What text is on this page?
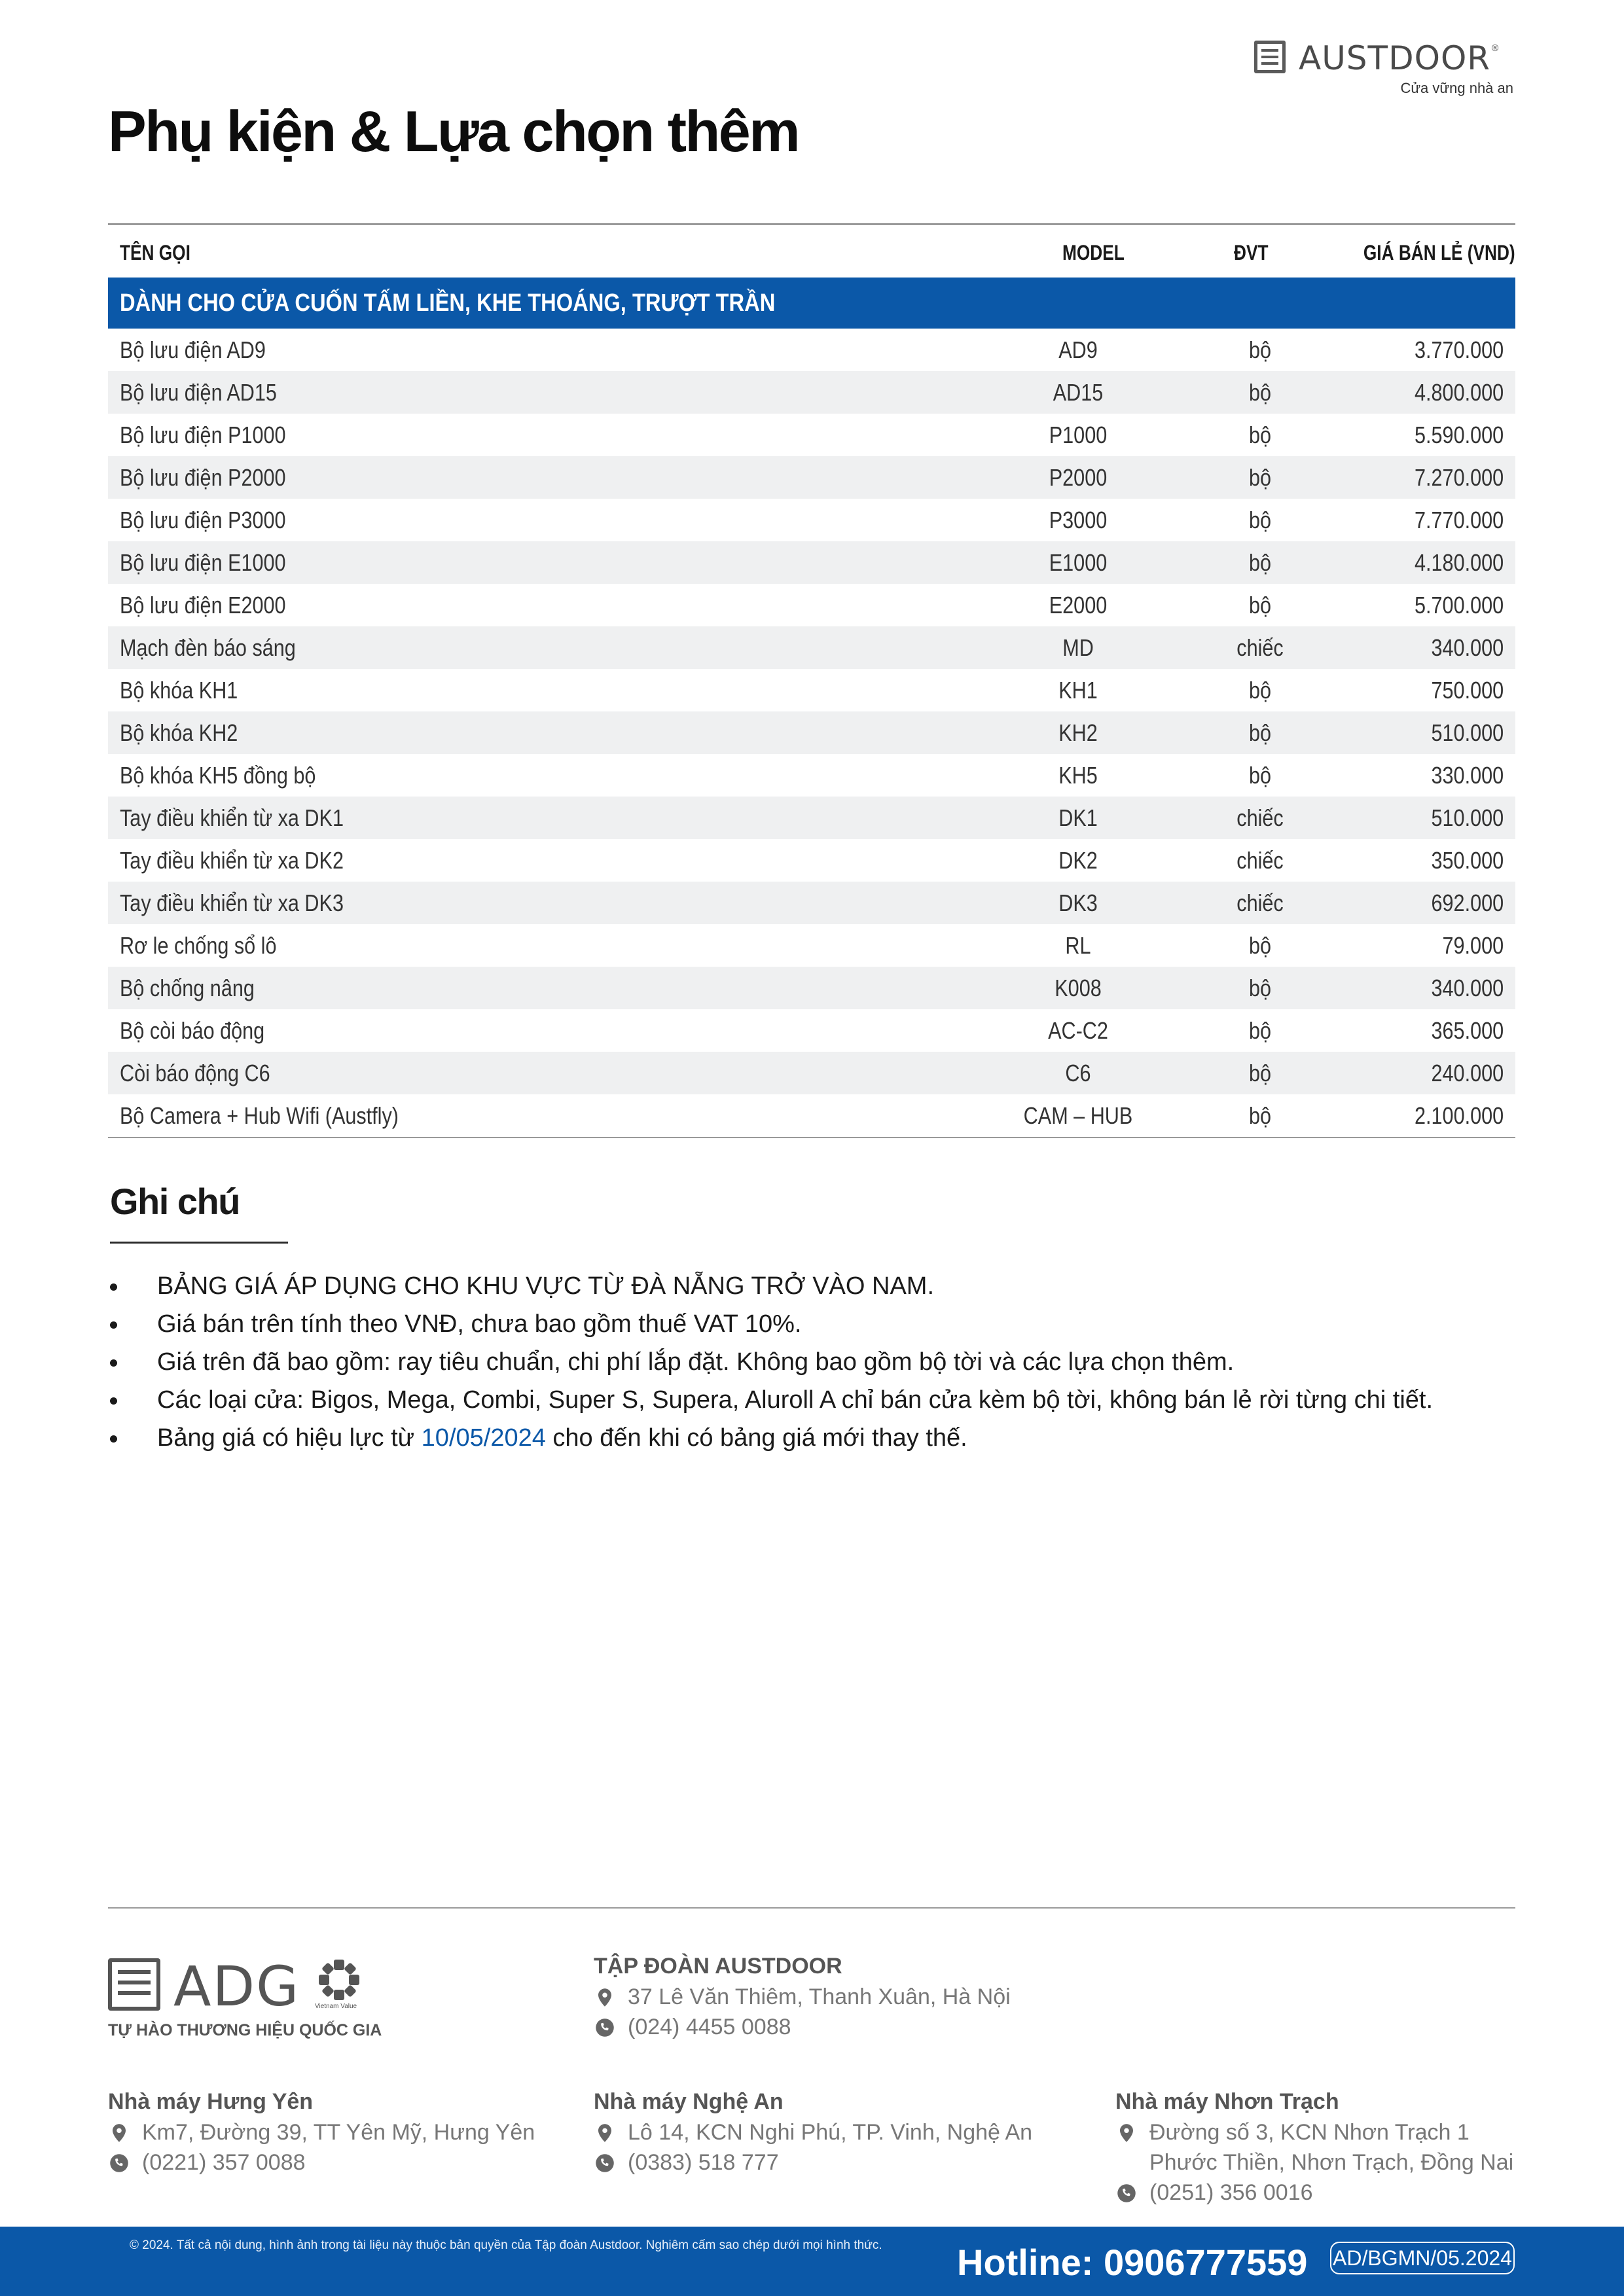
AUSTDOOR®
Cửa vững nhà an
Phụ kiện & Lựa chọn thêm
TÊN GỌI	MODEL	ĐVT	GIÁ BÁN LẺ (VND)
DÀNH CHO CỬA CUỐN TẤM LIỀN, KHE THOÁNG, TRƯỢT TRẦN
Bộ lưu điện AD9	AD9	bộ	3.770.000
Bộ lưu điện AD15	AD15	bộ	4.800.000
Bộ lưu điện P1000	P1000	bộ	5.590.000
Bộ lưu điện P2000	P2000	bộ	7.270.000
Bộ lưu điện P3000	P3000	bộ	7.770.000
Bộ lưu điện E1000	E1000	bộ	4.180.000
Bộ lưu điện E2000	E2000	bộ	5.700.000
Mạch đèn báo sáng	MD	chiếc	340.000
Bộ khóa KH1	KH1	bộ	750.000
Bộ khóa KH2	KH2	bộ	510.000
Bộ khóa KH5 đồng bộ	KH5	bộ	330.000
Tay điều khiển từ xa DK1	DK1	chiếc	510.000
Tay điều khiển từ xa DK2	DK2	chiếc	350.000
Tay điều khiển từ xa DK3	DK3	chiếc	692.000
Rơ le chống sổ lô	RL	bộ	79.000
Bộ chống nâng	K008	bộ	340.000
Bộ còi báo động	AC-C2	bộ	365.000
Còi báo động C6	C6	bộ	240.000
Bộ Camera + Hub Wifi (Austfly)	CAM – HUB	bộ	2.100.000
Ghi chú
BẢNG GIÁ ÁP DỤNG CHO KHU VỰC TỪ ĐÀ NẴNG TRỞ VÀO NAM.
Giá bán trên tính theo VNĐ, chưa bao gồm thuế VAT 10%.
Giá trên đã bao gồm: ray tiêu chuẩn, chi phí lắp đặt. Không bao gồm bộ tời và các lựa chọn thêm.
Các loại cửa: Bigos, Mega, Combi, Super S, Supera, Aluroll A chỉ bán cửa kèm bộ tời, không bán lẻ rời từng chi tiết.
Bảng giá có hiệu lực từ 10/05/2024 cho đến khi có bảng giá mới thay thế.
ADG Vietnam Value
TỰ HÀO THƯƠNG HIỆU QUỐC GIA
TẬP ĐOÀN AUSTDOOR
37 Lê Văn Thiêm, Thanh Xuân, Hà Nội
(024) 4455 0088
Nhà máy Hưng Yên
Km7, Đường 39, TT Yên Mỹ, Hưng Yên
(0221) 357 0088
Nhà máy Nghệ An
Lô 14, KCN Nghi Phú, TP. Vinh, Nghệ An
(0383) 518 777
Nhà máy Nhơn Trạch
Đường số 3, KCN Nhơn Trạch 1
Phước Thiền, Nhơn Trạch, Đồng Nai
(0251) 356 0016
© 2024. Tất cả nội dung, hình ảnh trong tài liệu này thuộc bản quyền của Tập đoàn Austdoor. Nghiêm cấm sao chép dưới mọi hình thức. Hotline: 0906777559 AD/BGMN/05.2024
